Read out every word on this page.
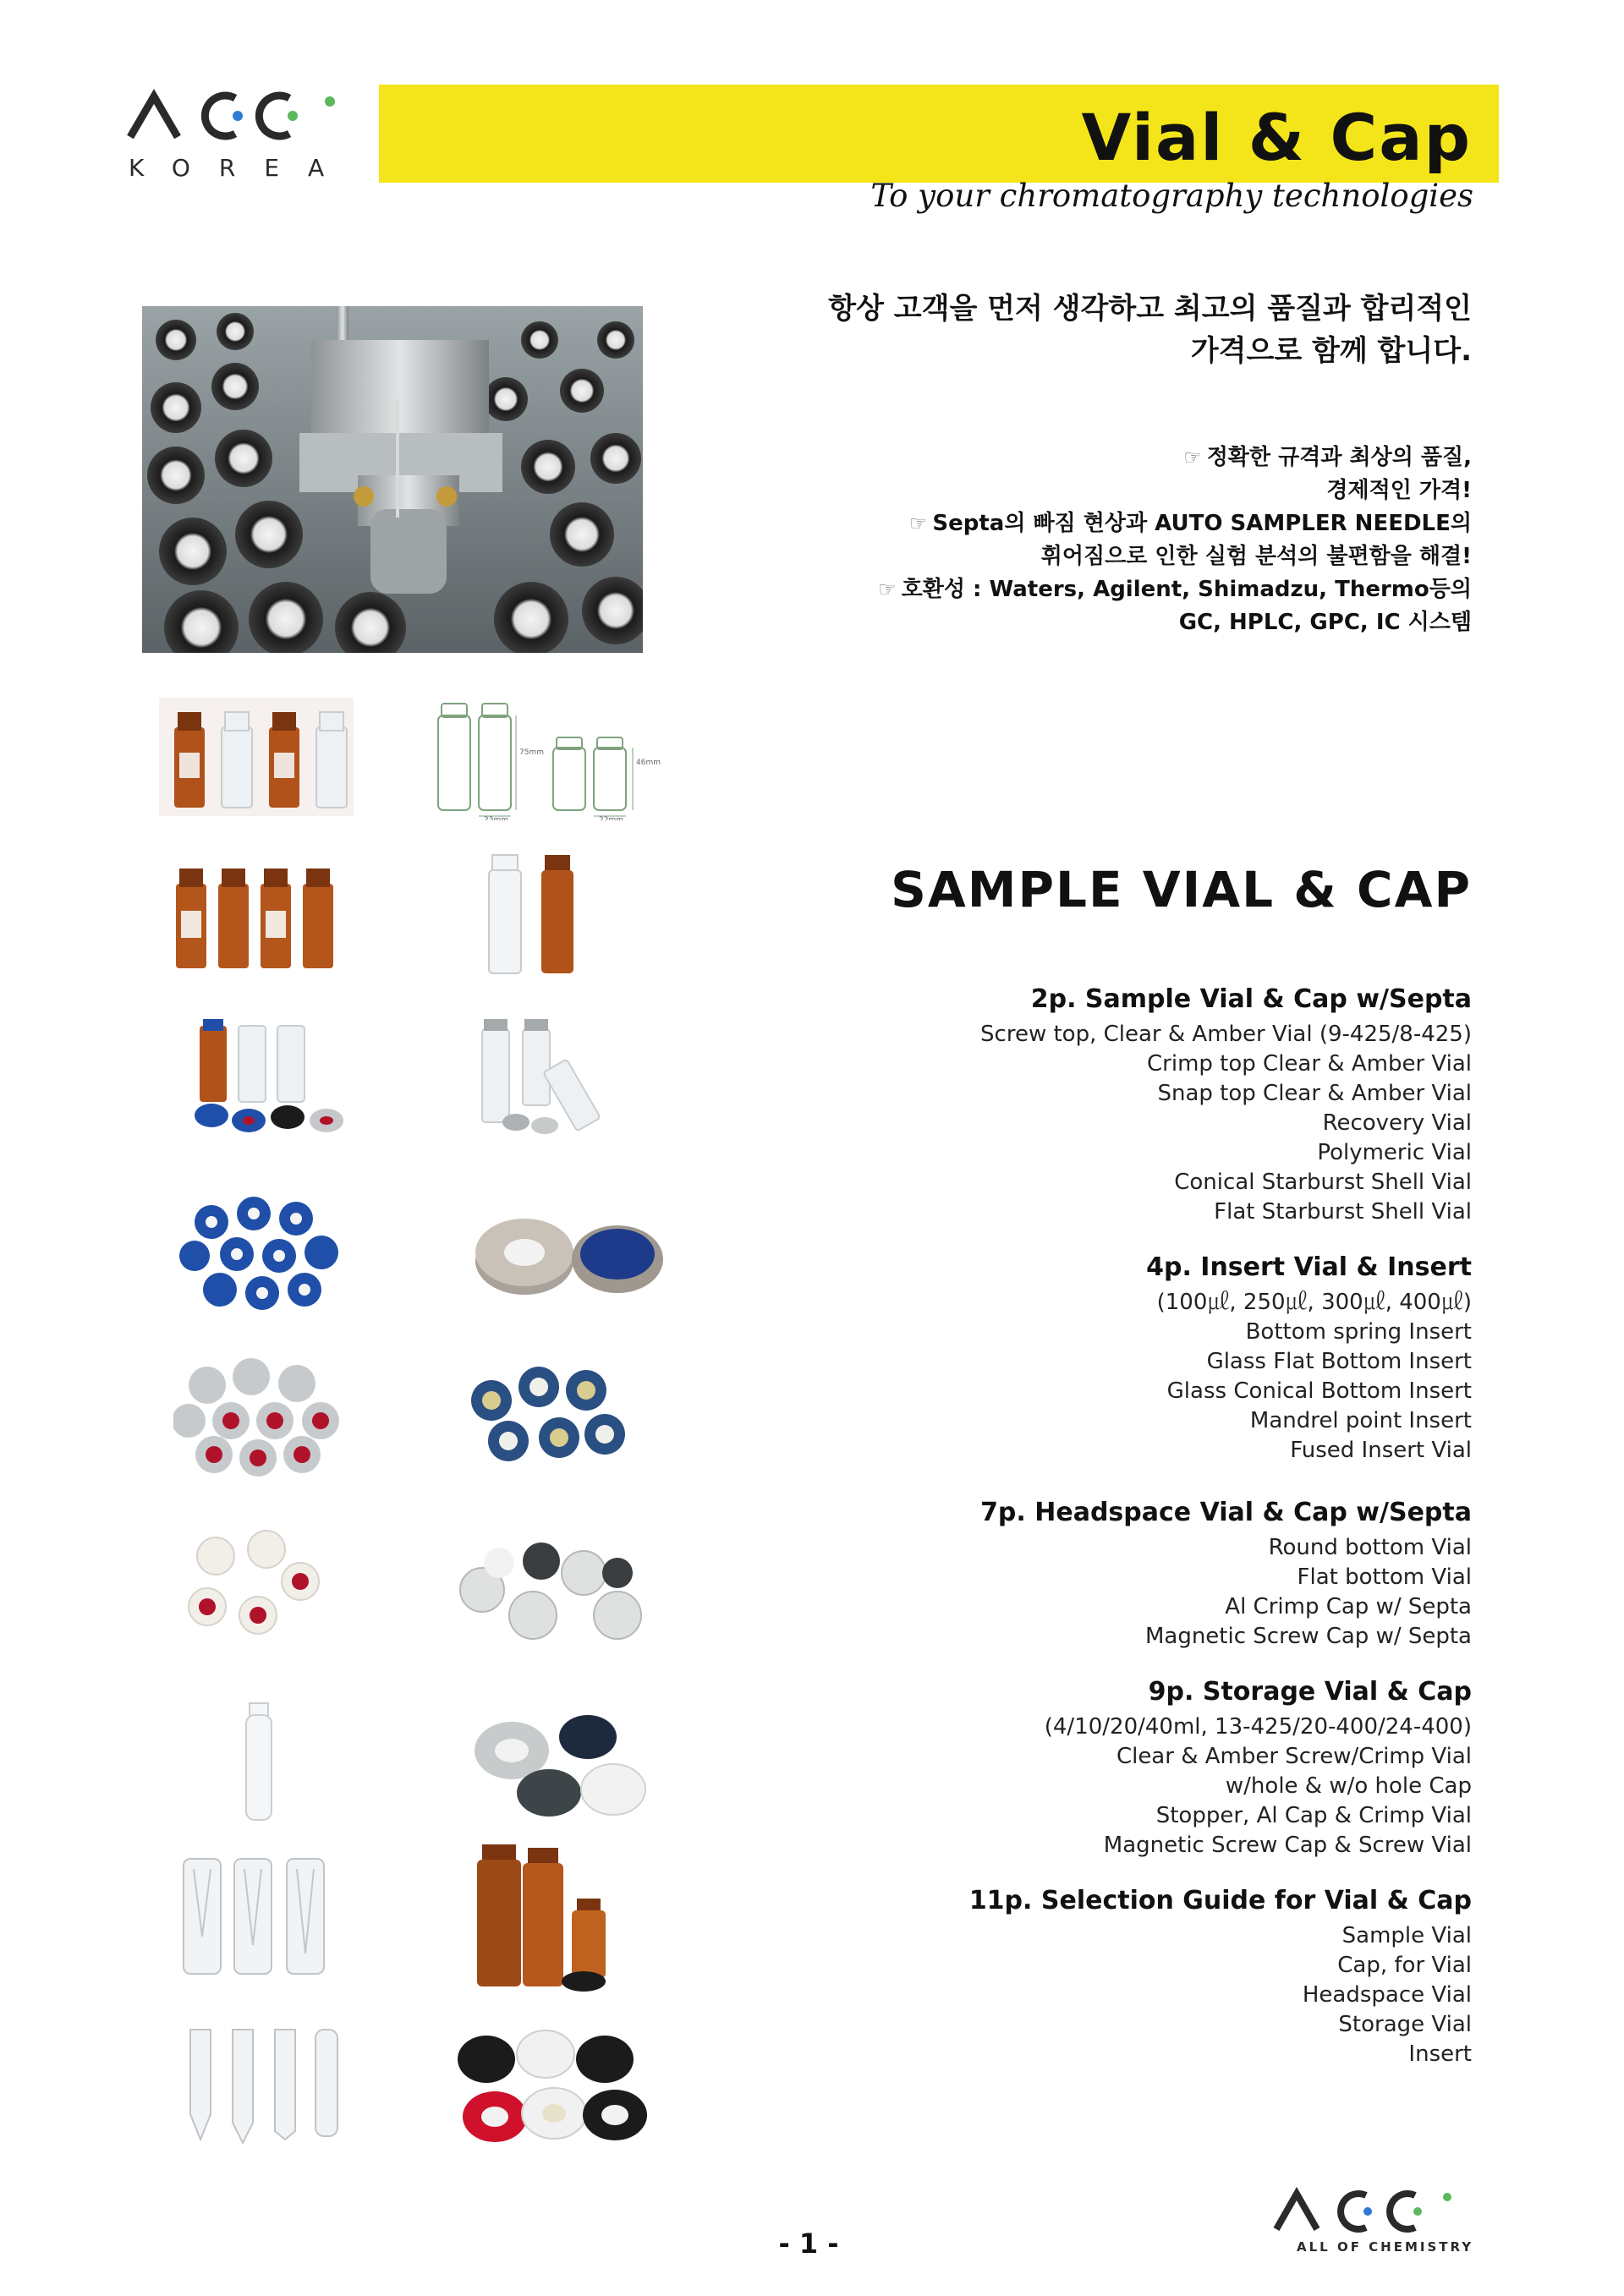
KOREA	Vial & Cap
To your chromatography technologies
항상 고객을 먼저 생각하고 최고의 품질과 합리적인
가격으로 함께 합니다.
☞ 정확한 규격과 최상의 품질,
경제적인 가격!
☞ Septa의 빠짐 현상과 AUTO SAMPLER NEEDLE의
휘어짐으로 인한 실험 분석의 불편함을 해결!
☞ 호환성 : Waters, Agilent, Shimadzu, Thermo등의
GC, HPLC, GPC, IC 시스템
75mm
46mm
23mm	22mm
SAMPLE VIAL & CAP
2p. Sample Vial & Cap w/Septa
Screw top, Clear & Amber Vial (9-425/8-425)
Crimp top Clear & Amber Vial
Snap top Clear & Amber Vial
Recovery Vial
Polymeric Vial
Conical Starburst Shell Vial
Flat Starburst Shell Vial
4p. Insert Vial & Insert
(100㎕, 250㎕, 300㎕, 400㎕)
Bottom spring Insert
Glass Flat Bottom Insert
Glass Conical Bottom Insert
Mandrel point Insert
Fused Insert Vial
7p. Headspace Vial & Cap w/Septa
Round bottom Vial
Flat bottom Vial
Al Crimp Cap w/ Septa
Magnetic Screw Cap w/ Septa
9p. Storage Vial & Cap
(4/10/20/40ml, 13-425/20-400/24-400)
Clear & Amber Screw/Crimp Vial
w/hole & w/o hole Cap
Stopper, Al Cap & Crimp Vial
Magnetic Screw Cap & Screw Vial
11p. Selection Guide for Vial & Cap
Sample Vial
Cap, for Vial
Headspace Vial
Storage Vial
Insert
- 1 -	ALL OF CHEMISTRY
